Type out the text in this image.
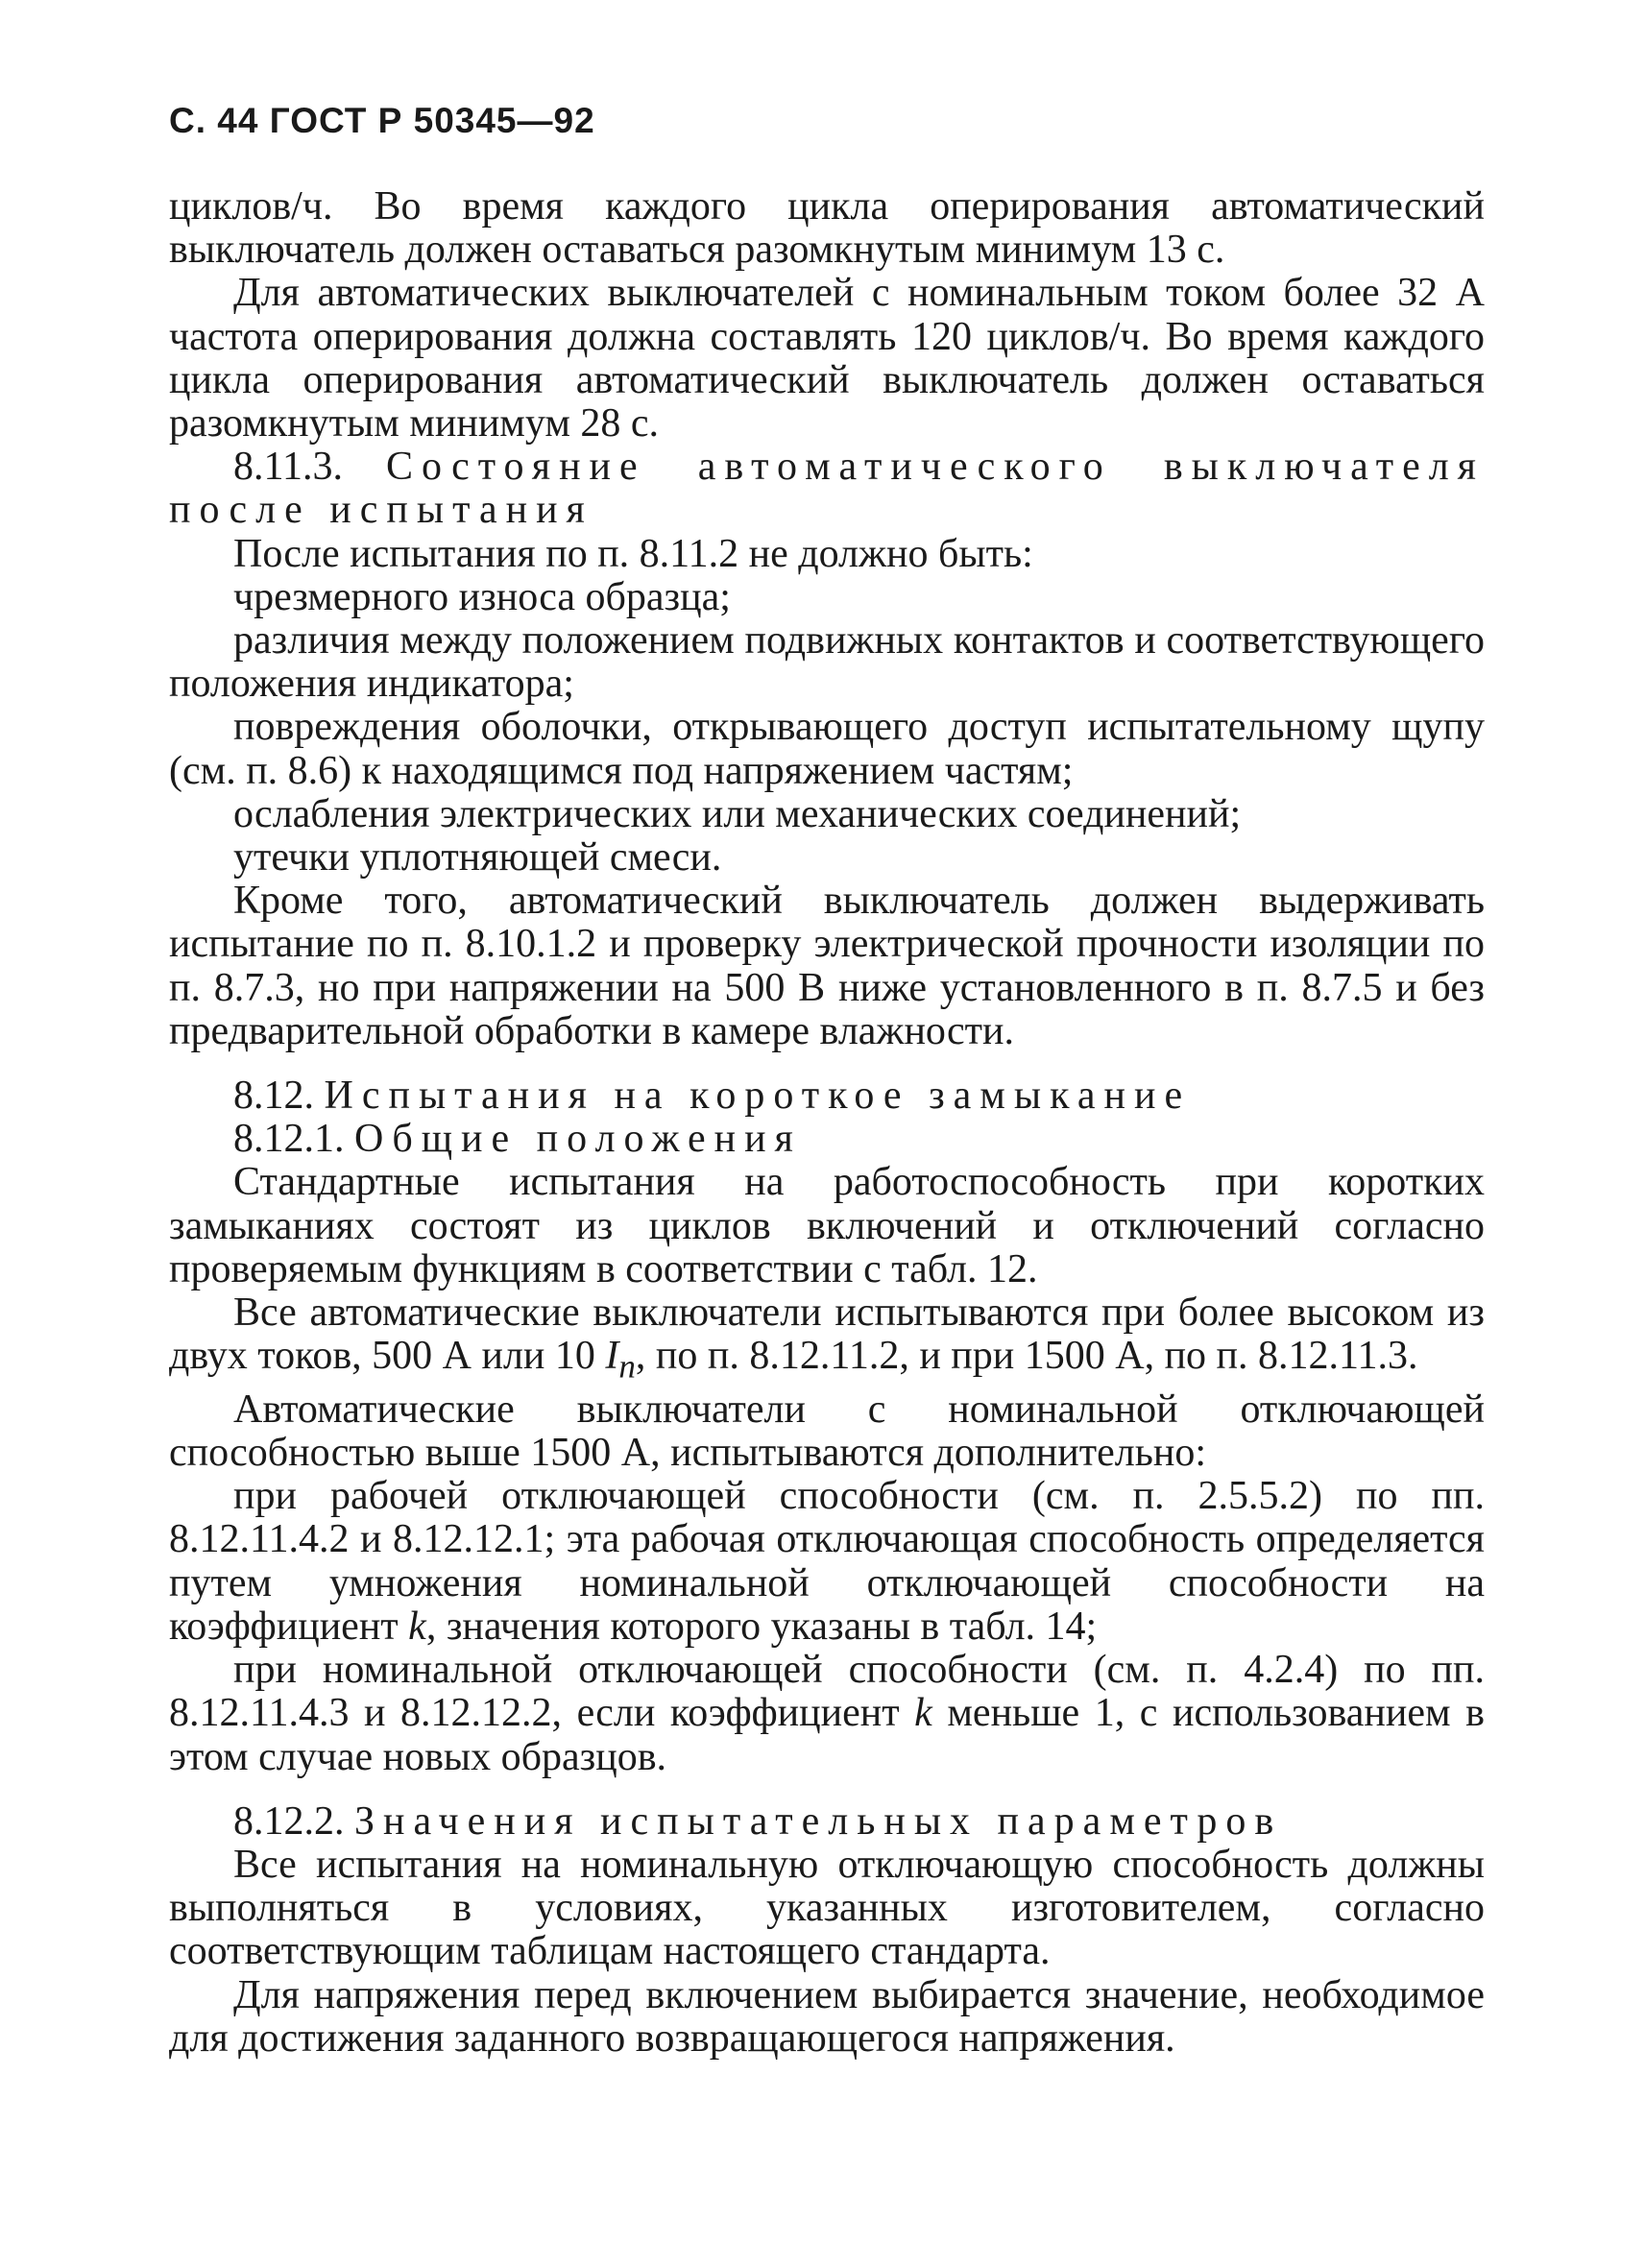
С. 44 ГОСТ Р 50345—92

циклов/ч. Во время каждого цикла оперирования автоматический выключатель должен оставаться разомкнутым минимум 13 с.

Для автоматических выключателей с номинальным током более 32 А частота оперирования должна составлять 120 циклов/ч. Во время каждого цикла оперирования автоматический выключатель должен оставаться разомкнутым минимум 28 с.

8.11.3. Состояние автоматического выключателя после испытания

После испытания по п. 8.11.2 не должно быть:

чрезмерного износа образца;

различия между положением подвижных контактов и соответствующего положения индикатора;

повреждения оболочки, открывающего доступ испытательному щупу (см. п. 8.6) к находящимся под напряжением частям;

ослабления электрических или механических соединений;

утечки уплотняющей смеси.

Кроме того, автоматический выключатель должен выдерживать испытание по п. 8.10.1.2 и проверку электрической прочности изоляции по п. 8.7.3, но при напряжении на 500 В ниже установленного в п. 8.7.5 и без предварительной обработки в камере влажности.

8.12. Испытания на короткое замыкание

8.12.1. Общие положения

Стандартные испытания на работоспособность при коротких замыканиях состоят из циклов включений и отключений согласно проверяемым функциям в соответствии с табл. 12.

Все автоматические выключатели испытываются при более высоком из двух токов, 500 А или 10 $I_n$, по п. 8.12.11.2, и при 1500 А, по п. 8.12.11.3.

Автоматические выключатели с номинальной отключающей способностью выше 1500 А, испытываются дополнительно:

при рабочей отключающей способности (см. п. 2.5.5.2) по пп. 8.12.11.4.2 и 8.12.12.1; эта рабочая отключающая способность определяется путем умножения номинальной отключающей способности на коэффициент k, значения которого указаны в табл. 14;

при номинальной отключающей способности (см. п. 4.2.4) по пп. 8.12.11.4.3 и 8.12.12.2, если коэффициент k меньше 1, с использованием в этом случае новых образцов.

8.12.2. Значения испытательных параметров

Все испытания на номинальную отключающую способность должны выполняться в условиях, указанных изготовителем, согласно соответствующим таблицам настоящего стандарта.

Для напряжения перед включением выбирается значение, необходимое для достижения заданного возвращающегося напряжения.
